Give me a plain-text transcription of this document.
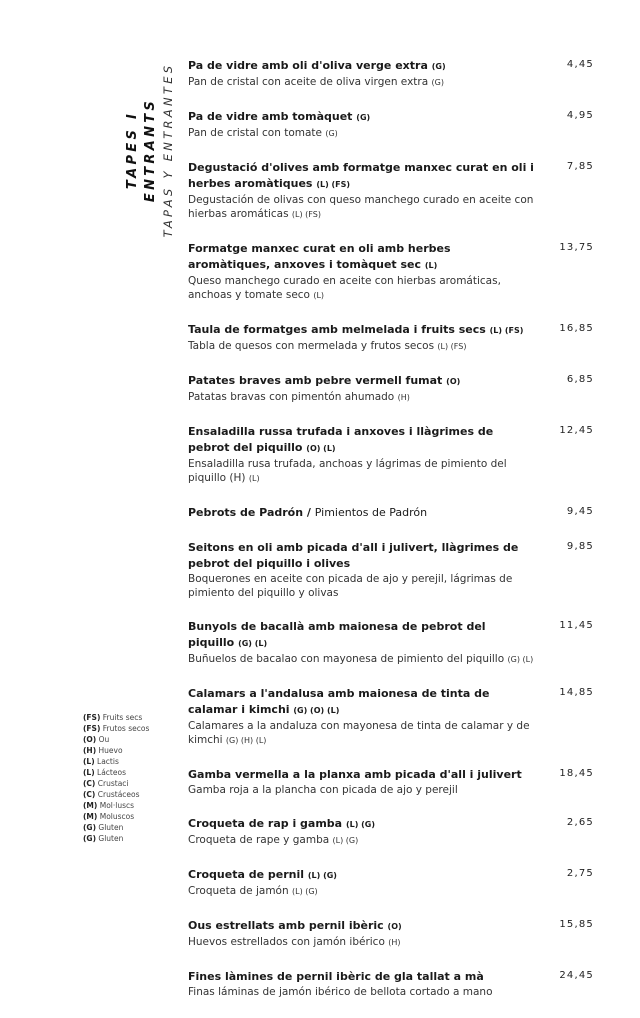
TAPES I ENTRANTS TAPAS Y ENTRANTES Pa de vidre amb oli d'oliva verge extra (G)
Pan de cristal con aceite de oliva virgen extra (G)
4,45
Pa de vidre amb tomàquet (G)
Pan de cristal con tomate (G)
4,95
Degustació d'olives amb formatge manxec curat en oli i herbes aromàtiques (L) (FS)
Degustación de olivas con queso manchego curado en aceite con hierbas aromáticas (L) (FS)
7,85
Formatge manxec curat en oli amb herbes aromàtiques, anxoves i tomàquet sec (L)
Queso manchego curado en aceite con hierbas aromáticas, anchoas y tomate seco (L)
13,75
Taula de formatges amb melmelada i fruits secs (L) (FS)
Tabla de quesos con mermelada y frutos secos (L) (FS)
16,85
Patates braves amb pebre vermell fumat (O)
Patatas bravas con pimentón ahumado (H)
6,85
Ensaladilla russa trufada i anxoves i llàgrimes de pebrot del piquillo (O) (L)
Ensaladilla rusa trufada, anchoas y lágrimas de pimiento del piquillo (H) (L)
12,45
Pebrots de Padrón / Pimientos de Padrón	9,45
Seitons en oli amb picada d'all i julivert, llàgrimes de pebrot del piquillo i olives
Boquerones en aceite con picada de ajo y perejil, lágrimas de pimiento del piquillo y olivas
9,85
Bunyols de bacallà amb maionesa de pebrot del piquillo (G) (L)
Buñuelos de bacalao con mayonesa de pimiento del piquillo (G) (L)
11,45
Calamars a l'andalusa amb maionesa de tinta de calamar i kimchi (G) (O) (L)
Calamares a la andaluza con mayonesa de tinta de calamar y de kimchi (G) (H) (L)
14,85
Gamba vermella a la planxa amb picada d'all i julivert
Gamba roja a la plancha con picada de ajo y perejil
18,45
Croqueta de rap i gamba (L) (G)
Croqueta de rape y gamba (L) (G)
2,65
Croqueta de pernil (L) (G)
Croqueta de jamón (L) (G)
2,75
Ous estrellats amb pernil ibèric (O)
Huevos estrellados con jamón ibérico (H)
15,85
Fines làmines de pernil ibèric de gla tallat a mà
Finas láminas de jamón ibérico de bellota cortado a mano
24,45
(FS) Fruits secs
(FS) Frutos secos
(O) Ou
(H) Huevo
(L) Lactis
(L) Lácteos
(C) Crustaci
(C) Crustáceos
(M) Mol·luscs
(M) Moluscos
(G) Gluten
(G) Gluten
